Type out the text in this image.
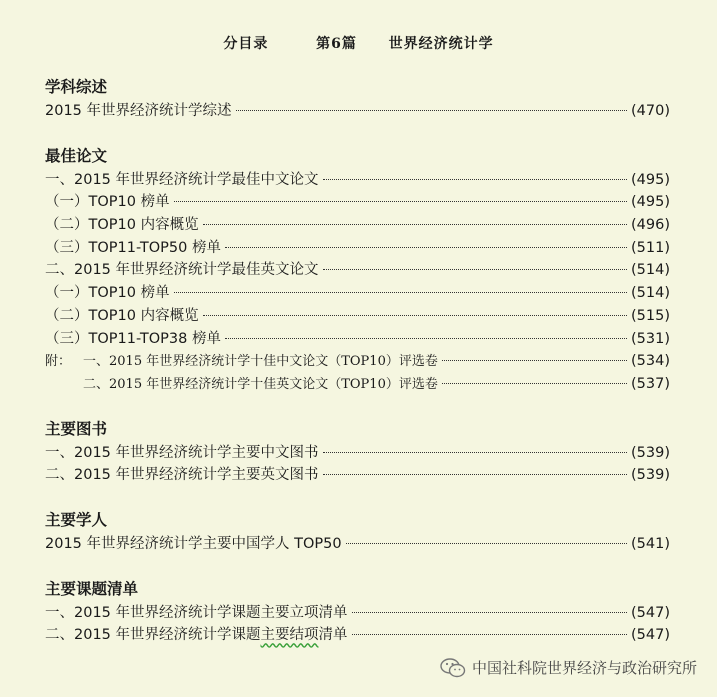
分目录	第6篇 世界经济统计学
学科综述
2015 年世界经济统计学综述	(470)
最佳论文
一、2015 年世界经济统计学最佳中文论文	(495)
（一）TOP10 榜单	(495)
（二）TOP10 内容概览	(496)
（三）TOP11-TOP50 榜单	(511)
二、2015 年世界经济统计学最佳英文论文	(514)
（一）TOP10 榜单	(514)
（二）TOP10 内容概览	(515)
（三）TOP11-TOP38 榜单	(531)
附： 一、2015 年世界经济统计学十佳中文论文（TOP10）评选卷	(534)
二、2015 年世界经济统计学十佳英文论文（TOP10）评选卷	(537)
主要图书
一、2015 年世界经济统计学主要中文图书	(539)
二、2015 年世界经济统计学主要英文图书	(539)
主要学人
2015 年世界经济统计学主要中国学人 TOP50	(541)
主要课题清单
一、2015 年世界经济统计学课题主要立项清单	(547)
二、2015 年世界经济统计学课题主要结项清单	(547)
中国社科院世界经济与政治研究所
